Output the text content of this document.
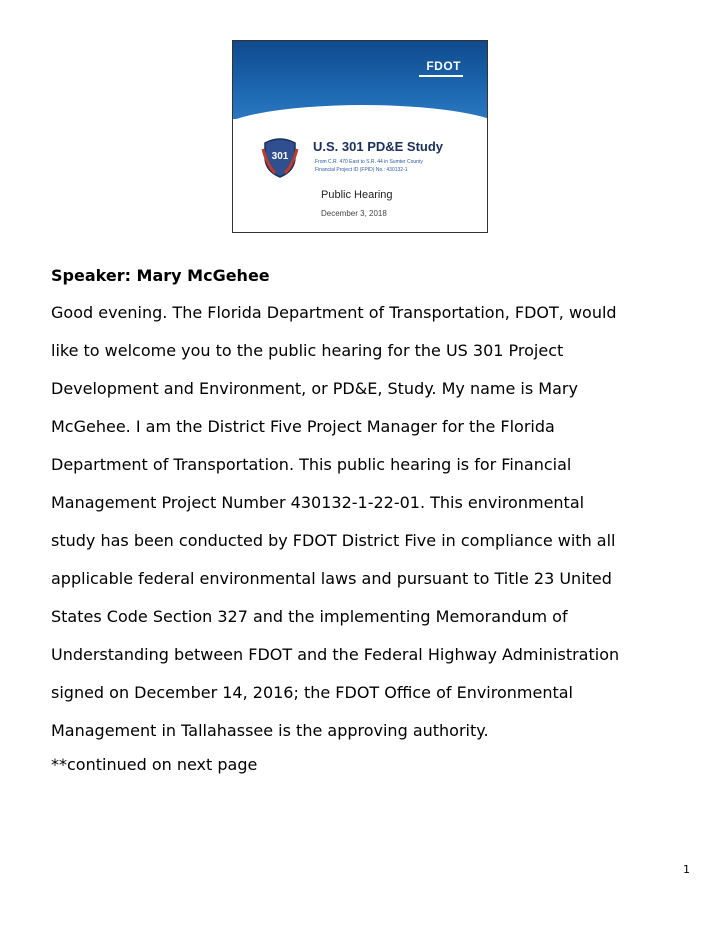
FDOT
301
U.S. 301 PD&E Study
From C.R. 470 East to S.R. 44 in Sumter County
Financial Project ID (FPID) No.: 430132-1
Public Hearing
December 3, 2018

Speaker: Mary McGehee

Good evening. The Florida Department of Transportation, FDOT, would
like to welcome you to the public hearing for the US 301 Project
Development and Environment, or PD&E, Study. My name is Mary
McGehee. I am the District Five Project Manager for the Florida
Department of Transportation. This public hearing is for Financial
Management Project Number 430132-1-22-01. This environmental
study has been conducted by FDOT District Five in compliance with all
applicable federal environmental laws and pursuant to Title 23 United
States Code Section 327 and the implementing Memorandum of
Understanding between FDOT and the Federal Highway Administration
signed on December 14, 2016; the FDOT Office of Environmental
Management in Tallahassee is the approving authority.

**continued on next page

1
